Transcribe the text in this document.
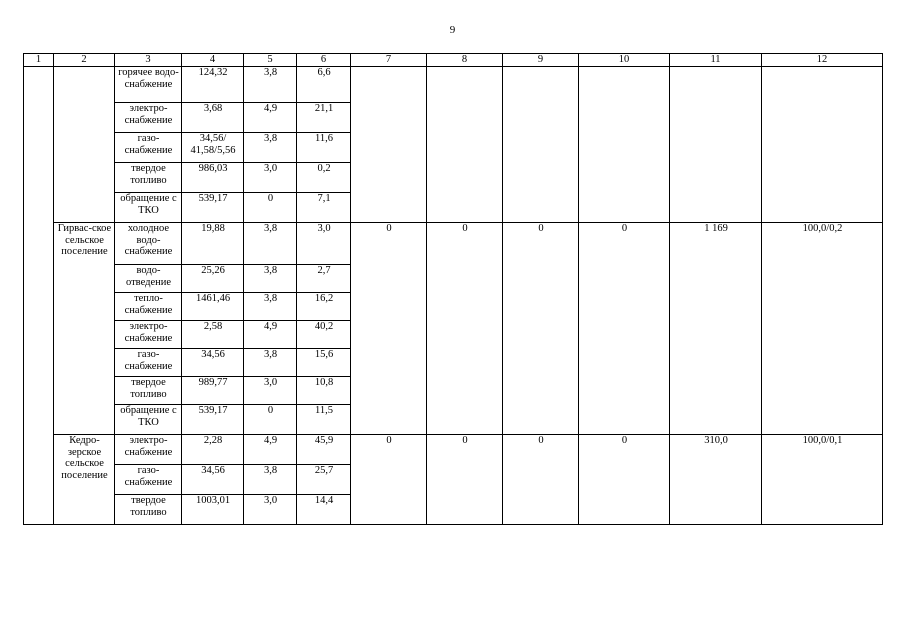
9
1	2	3	4	5	6	7	8	9	10	11	12
		горячее водо-снабжение	124,32	3,8	6,6						
		электро-снабжение	3,68	4,9	21,1						
		газо-снабжение	34,56/ 41,58/5,56	3,8	11,6						
		твердое топливо	986,03	3,0	0,2						
		обращение с ТКО	539,17	0	7,1						
	Гирвас-ское сельское поселение	холодное водо-снабжение	19,88	3,8	3,0	0	0	0	0	1 169	100,0/0,2
		водо-отведение	25,26	3,8	2,7						
		тепло-снабжение	1461,46	3,8	16,2						
		электро-снабжение	2,58	4,9	40,2						
		газо-снабжение	34,56	3,8	15,6						
		твердое топливо	989,77	3,0	10,8						
		обращение с ТКО	539,17	0	11,5						
	Кедро-зерское сельское поселение	электро-снабжение	2,28	4,9	45,9	0	0	0	0	310,0	100,0/0,1
		газо-снабжение	34,56	3,8	25,7						
		твердое топливо	1003,01	3,0	14,4						
